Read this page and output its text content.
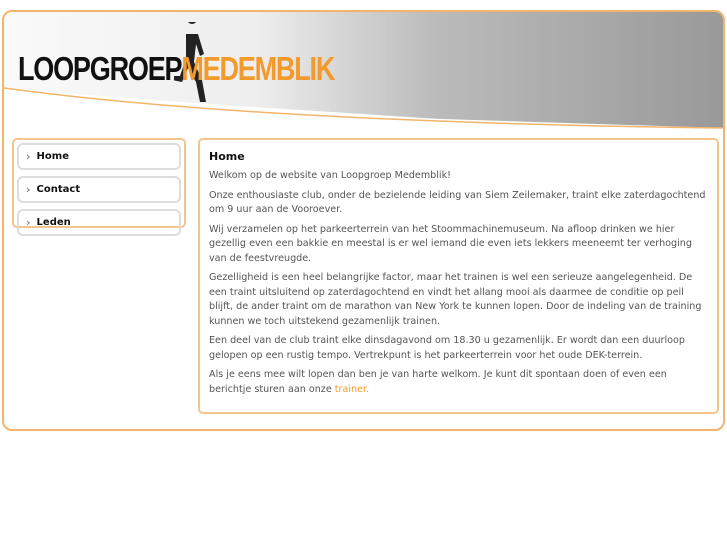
LOOPGROEPMEDEMBLIK
› Home
› Contact
› Leden
Home

Welkom op de website van Loopgroep Medemblik!

Onze enthousiaste club, onder de bezielende leiding van Siem Zeilemaker, traint elke zaterdagochtend om 9 uur aan de Vooroever.

Wij verzamelen op het parkeerterrein van het Stoommachinemuseum. Na afloop drinken we hier gezellig even een bakkie en meestal is er wel iemand die even iets lekkers meeneemt ter verhoging van de feestvreugde.

Gezelligheid is een heel belangrijke factor, maar het trainen is wel een serieuze aangelegenheid. De een traint uitsluitend op zaterdagochtend en vindt het allang mooi als daarmee de conditie op peil blijft, de ander traint om de marathon van New York te kunnen lopen. Door de indeling van de training kunnen we toch uitstekend gezamenlijk trainen.

Een deel van de club traint elke dinsdagavond om 18.30 u gezamenlijk. Er wordt dan een duurloop gelopen op een rustig tempo. Vertrekpunt is het parkeerterrein voor het oude DEK-terrein.

Als je eens mee wilt lopen dan ben je van harte welkom. Je kunt dit spontaan doen of even een berichtje sturen aan onze trainer.
